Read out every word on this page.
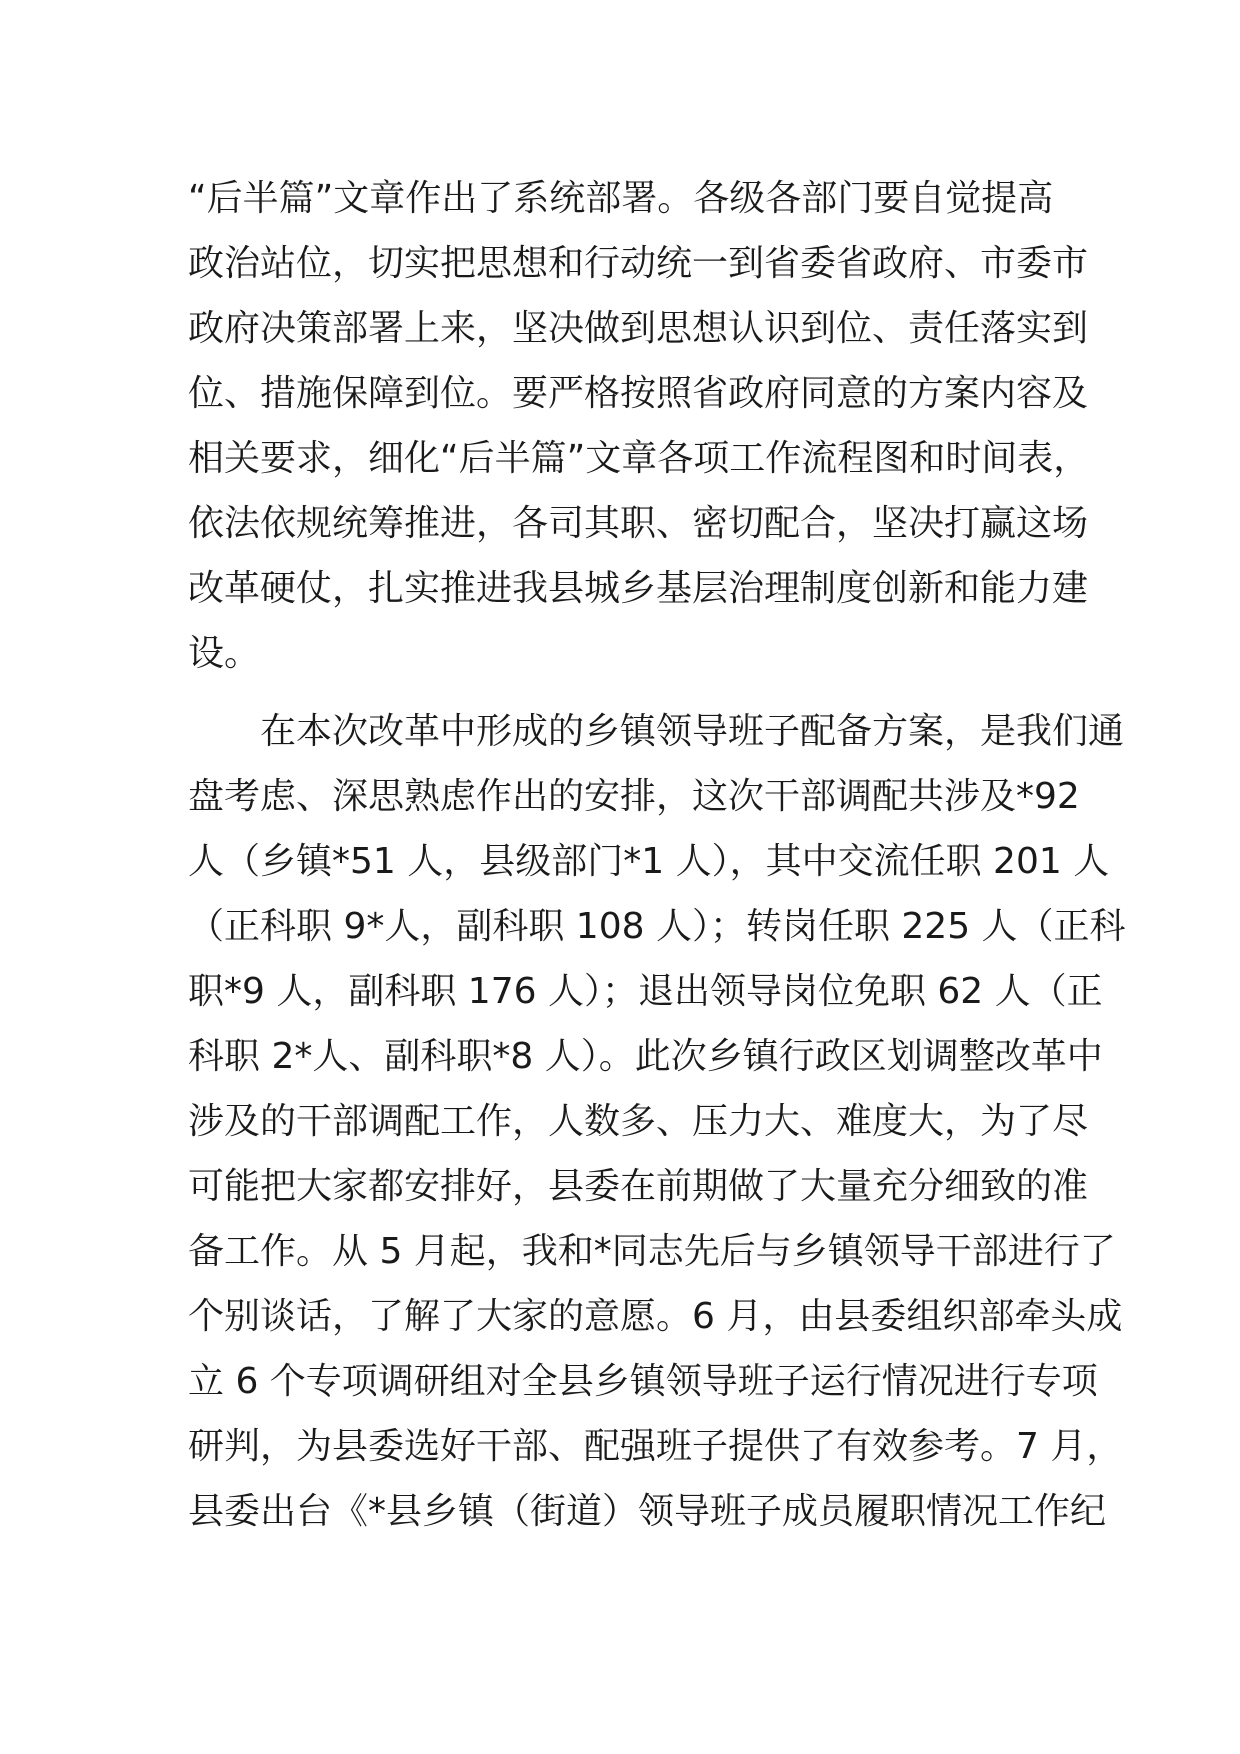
“后半篇”文章作出了系统部署。各级各部门要自觉提高
政治站位，切实把思想和行动统一到省委省政府、市委市
政府决策部署上来，坚决做到思想认识到位、责任落实到
位、措施保障到位。要严格按照省政府同意的方案内容及
相关要求，细化“后半篇”文章各项工作流程图和时间表，
依法依规统筹推进，各司其职、密切配合，坚决打赢这场
改革硬仗，扎实推进我县城乡基层治理制度创新和能力建
设。
　　在本次改革中形成的乡镇领导班子配备方案，是我们通
盘考虑、深思熟虑作出的安排，这次干部调配共涉及*92
人（乡镇*51 人，县级部门*1 人），其中交流任职 201 人
（正科职 9*人，副科职 108 人）；转岗任职 225 人（正科
职*9 人，副科职 176 人）；退出领导岗位免职 62 人（正
科职 2*人、副科职*8 人）。此次乡镇行政区划调整改革中
涉及的干部调配工作，人数多、压力大、难度大，为了尽
可能把大家都安排好，县委在前期做了大量充分细致的准
备工作。从 5 月起，我和*同志先后与乡镇领导干部进行了
个别谈话，了解了大家的意愿。6 月，由县委组织部牵头成
立 6 个专项调研组对全县乡镇领导班子运行情况进行专项
研判，为县委选好干部、配强班子提供了有效参考。7 月，
县委出台《*县乡镇（街道）领导班子成员履职情况工作纪
